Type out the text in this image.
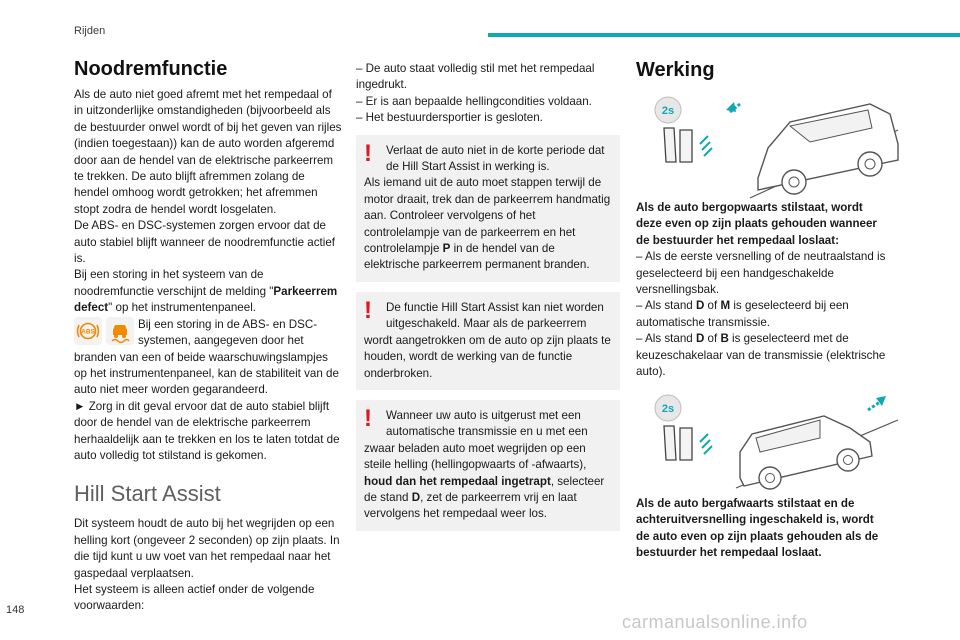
Rijden
Noodremfunctie

Als de auto niet goed afremt met het rempedaal of in uitzonderlijke omstandigheden (bijvoorbeeld als de bestuurder onwel wordt of bij het geven van rijles (indien toegestaan)) kan de auto worden afgeremd door aan de hendel van de elektrische parkeerrem te trekken. De auto blijft afremmen zolang de hendel omhoog wordt getrokken; het afremmen stopt zodra de hendel wordt losgelaten.

De ABS- en DSC-systemen zorgen ervoor dat de auto stabiel blijft wanneer de noodremfunctie actief is.

Bij een storing in het systeem van de noodremfunctie verschijnt de melding "Parkeerrem defect" op het instrumentenpaneel.

ABS
Bij een storing in de ABS- en DSC-systemen, aangegeven door het

branden van een of beide waarschuwingslampjes op het instrumentenpaneel, kan de stabiliteit van de auto niet meer worden gegarandeerd.

► Zorg in dit geval ervoor dat de auto stabiel blijft door de hendel van de elektrische parkeerrem herhaaldelijk aan te trekken en los te laten totdat de auto volledig tot stilstand is gekomen.

Hill Start Assist

Dit systeem houdt de auto bij het wegrijden op een helling kort (ongeveer 2 seconden) op zijn plaats. In die tijd kunt u uw voet van het rempedaal naar het gaspedaal verplaatsen.

Het systeem is alleen actief onder de volgende voorwaarden:

– De auto staat volledig stil met het rempedaal ingedrukt.

– Er is aan bepaalde hellingcondities voldaan.

– Het bestuurdersportier is gesloten.

!	Verlaat de auto niet in de korte periode dat de Hill Start Assist in werking is.

Als iemand uit de auto moet stappen terwijl de motor draait, trek dan de parkeerrem handmatig aan. Controleer vervolgens of het controlelampje van de parkeerrem en het controlelampje P in de hendel van de elektrische parkeerrem permanent branden.

!	De functie Hill Start Assist kan niet worden uitgeschakeld. Maar als de parkeerrem

wordt aangetrokken om de auto op zijn plaats te houden, wordt de werking van de functie onderbroken.

!	Wanneer uw auto is uitgerust met een automatische transmissie en u met een

zwaar beladen auto moet wegrijden op een steile helling (hellingopwaarts of -afwaarts), houd dan het rempedaal ingetrapt, selecteer de stand D, zet de parkeerrem vrij en laat vervolgens het rempedaal weer los.

Werking
2s

Als de auto bergopwaarts stilstaat, wordt deze even op zijn plaats gehouden wanneer de bestuurder het rempedaal loslaat:

– Als de eerste versnelling of de neutraalstand is geselecteerd bij een handgeschakelde versnellingsbak.

– Als stand D of M is geselecteerd bij een automatische transmissie.

– Als stand D of B is geselecteerd met de keuzeschakelaar van de transmissie (elektrische auto).

2s

Als de auto bergafwaarts stilstaat en de achteruitversnelling ingeschakeld is, wordt de auto even op zijn plaats gehouden als de bestuurder het rempedaal loslaat.

148
carmanualsonline.info
